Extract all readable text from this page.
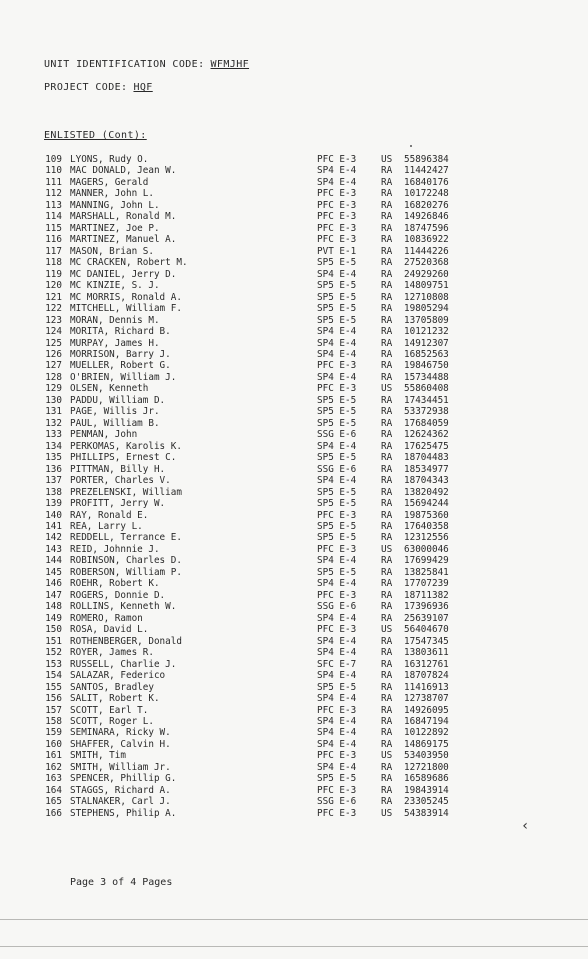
UNIT IDENTIFICATION CODE: WFMJHF
PROJECT CODE: HQF
ENLISTED (Cont):
109 LYONS, Rudy O.	PFC E-3	US 55896384
110 MAC DONALD, Jean W.	SP4 E-4	RA 11442427
111 MAGERS, Gerald	SP4 E-4	RA 16840176
112 MANNER, John L.	PFC E-3	RA 10172248
113 MANNING, John L.	PFC E-3	RA 16820276
114 MARSHALL, Ronald M.	PFC E-3	RA 14926846
115 MARTINEZ, Joe P.	PFC E-3	RA 18747596
116 MARTINEZ, Manuel A.	PFC E-3	RA 10836922
117 MASON, Brian S.	PVT E-1	RA 11444226
118 MC CRACKEN, Robert M.	SP5 E-5	RA 27520368
119 MC DANIEL, Jerry D.	SP4 E-4	RA 24929260
120 MC KINZIE, S. J.	SP5 E-5	RA 14809751
121 MC MORRIS, Ronald A.	SP5 E-5	RA 12710808
122 MITCHELL, William F.	SP5 E-5	RA 19805294
123 MORAN, Dennis M.	SP5 E-5	RA 13705809
124 MORITA, Richard B.	SP4 E-4	RA 10121232
125 MURPAY, James H.	SP4 E-4	RA 14912307
126 MORRISON, Barry J.	SP4 E-4	RA 16852563
127 MUELLER, Robert G.	PFC E-3	RA 19846750
128 O'BRIEN, William J.	SP4 E-4	RA 15734488
129 OLSEN, Kenneth	PFC E-3	US 55860408
130 PADDU, William D.	SP5 E-5	RA 17434451
131 PAGE, Willis Jr.	SP5 E-5	RA 53372938
132 PAUL, William B.	SP5 E-5	RA 17684059
133 PENMAN, John	SSG E-6	RA 12624362
134 PERKOMAS, Karolis K.	SP4 E-4	RA 17625475
135 PHILLIPS, Ernest C.	SP5 E-5	RA 18704483
136 PITTMAN, Billy H.	SSG E-6	RA 18534977
137 PORTER, Charles V.	SP4 E-4	RA 18704343
138 PREZELENSKI, William	SP5 E-5	RA 13820492
139 PROFITT, Jerry W.	SP5 E-5	RA 15694244
140 RAY, Ronald E.	PFC E-3	RA 19875360
141 REA, Larry L.	SP5 E-5	RA 17640358
142 REDDELL, Terrance E.	SP5 E-5	RA 12312556
143 REID, Johnnie J.	PFC E-3	US 63000046
144 ROBINSON, Charles D.	SP4 E-4	RA 17699429
145 ROBERSON, William P.	SP5 E-5	RA 13825841
146 ROEHR, Robert K.	SP4 E-4	RA 17707239
147 ROGERS, Donnie D.	PFC E-3	RA 18711382
148 ROLLINS, Kenneth W.	SSG E-6	RA 17396936
149 ROMERO, Ramon	SP4 E-4	RA 25639107
150 ROSA, David L.	PFC E-3	US 56404670
151 ROTHENBERGER, Donald	SP4 E-4	RA 17547345
152 ROYER, James R.	SP4 E-4	RA 13803611
153 RUSSELL, Charlie J.	SFC E-7	RA 16312761
154 SALAZAR, Federico	SP4 E-4	RA 18707824
155 SANTOS, Bradley	SP5 E-5	RA 11416913
156 SALIT, Robert K.	SP4 E-4	RA 12738707
157 SCOTT, Earl T.	PFC E-3	RA 14926095
158 SCOTT, Roger L.	SP4 E-4	RA 16847194
159 SEMINARA, Ricky W.	SP4 E-4	RA 10122892
160 SHAFFER, Calvin H.	SP4 E-4	RA 14869175
161 SMITH, Tim	PFC E-3	US 53403950
162 SMITH, William Jr.	SP4 E-4	RA 12721800
163 SPENCER, Phillip G.	SP5 E-5	RA 16589686
164 STAGGS, Richard A.	PFC E-3	RA 19843914
165 STALNAKER, Carl J.	SSG E-6	RA 23305245
166 STEPHENS, Philip A.	PFC E-3	US 54383914
‹
Page 3 of 4 Pages
